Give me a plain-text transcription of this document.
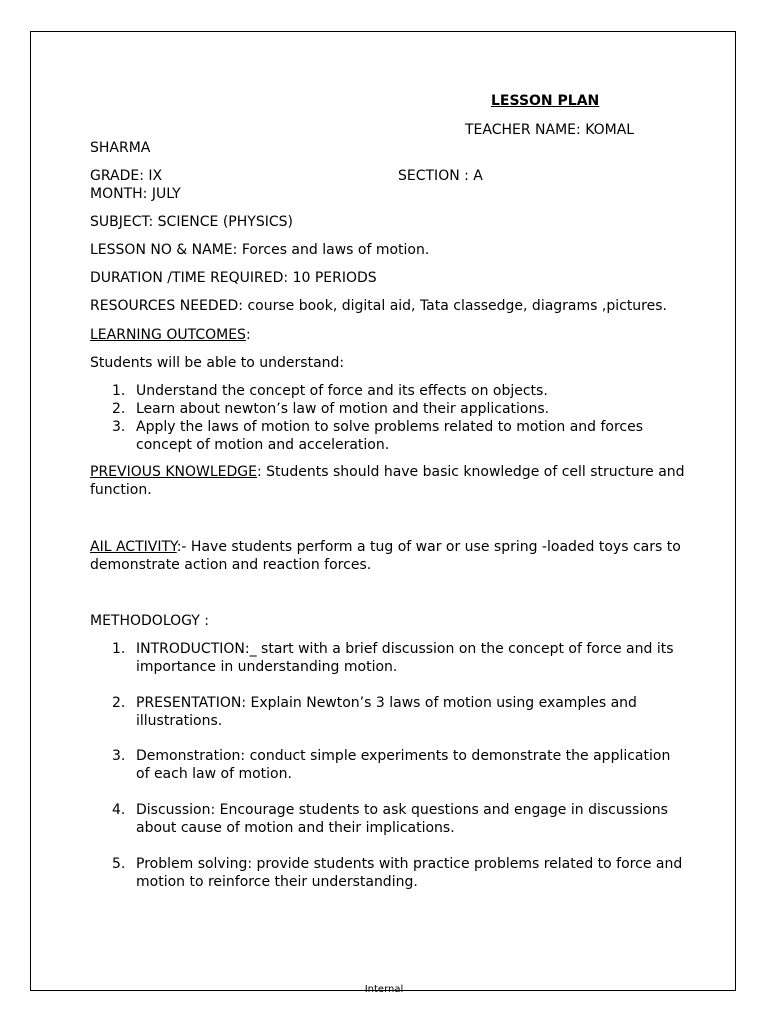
LESSON PLAN
TEACHER NAME: KOMAL
SHARMA
GRADE: IX	SECTION : A
MONTH: JULY
SUBJECT: SCIENCE (PHYSICS)
LESSON NO & NAME: Forces and laws of motion.
DURATION /TIME REQUIRED: 10 PERIODS
RESOURCES NEEDED: course book, digital aid, Tata classedge, diagrams ,pictures.
LEARNING OUTCOMES:
Students will be able to understand:
1. Understand the concept of force and its effects on objects.
2. Learn about newton’s law of motion and their applications.
3. Apply the laws of motion to solve problems related to motion and forces concept of motion and acceleration.
PREVIOUS KNOWLEDGE: Students should have basic knowledge of cell structure and function.
AIL ACTIVITY:- Have students perform a tug of war or use spring -loaded toys cars to demonstrate action and reaction forces.
METHODOLOGY :
1. INTRODUCTION:_ start with a brief discussion on the concept of force and its importance in understanding motion.
2. PRESENTATION: Explain Newton’s 3 laws of motion using examples and illustrations.
3. Demonstration: conduct simple experiments to demonstrate the application of each law of motion.
4. Discussion: Encourage students to ask questions and engage in discussions about cause of motion and their implications.
5. Problem solving: provide students with practice problems related to force and motion to reinforce their understanding.
Internal
